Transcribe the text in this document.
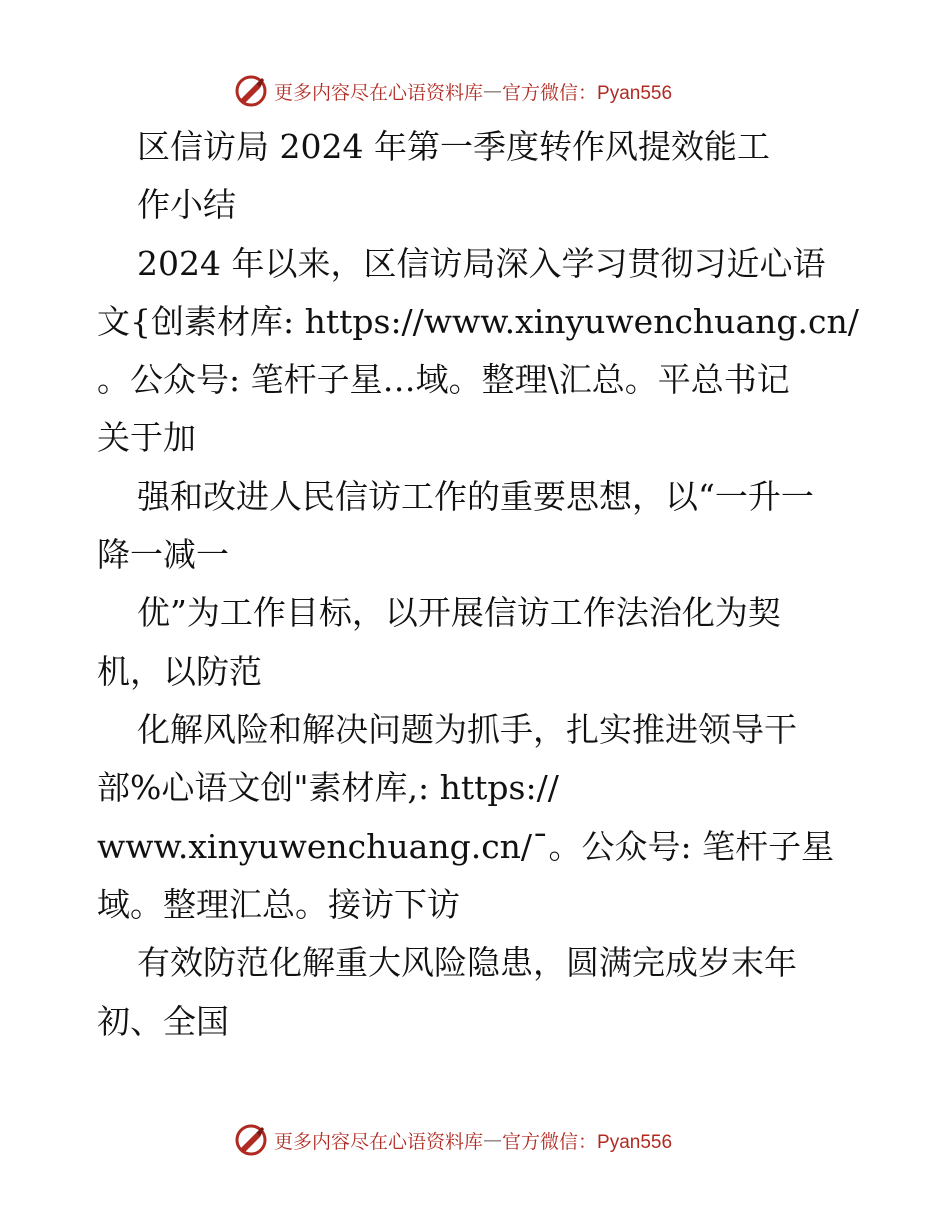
更多内容尽在心语资料库 — 官方微信：Pyan556
区信访局 2024 年第一季度转作风提效能工
作小结
2024 年以来，区信访局深入学习贯彻习近心语
文{创素材库: https://www.xinyuwenchuang.cn/
。公众号: 笔杆子星…域。整理\汇总。平总书记
关于加
强和改进人民信访工作的重要思想，以“一升一
降一减一
优”为工作目标，以开展信访工作法治化为契
机，以防范
化解风险和解决问题为抓手，扎实推进领导干
部%心语文创"素材库,: https://
www.xinyuwenchuang.cn/¯。公众号: 笔杆子星
域。整理汇总。接访下访
有效防范化解重大风险隐患，圆满完成岁末年
初、全国
更多内容尽在心语资料库 — 官方微信：Pyan556
